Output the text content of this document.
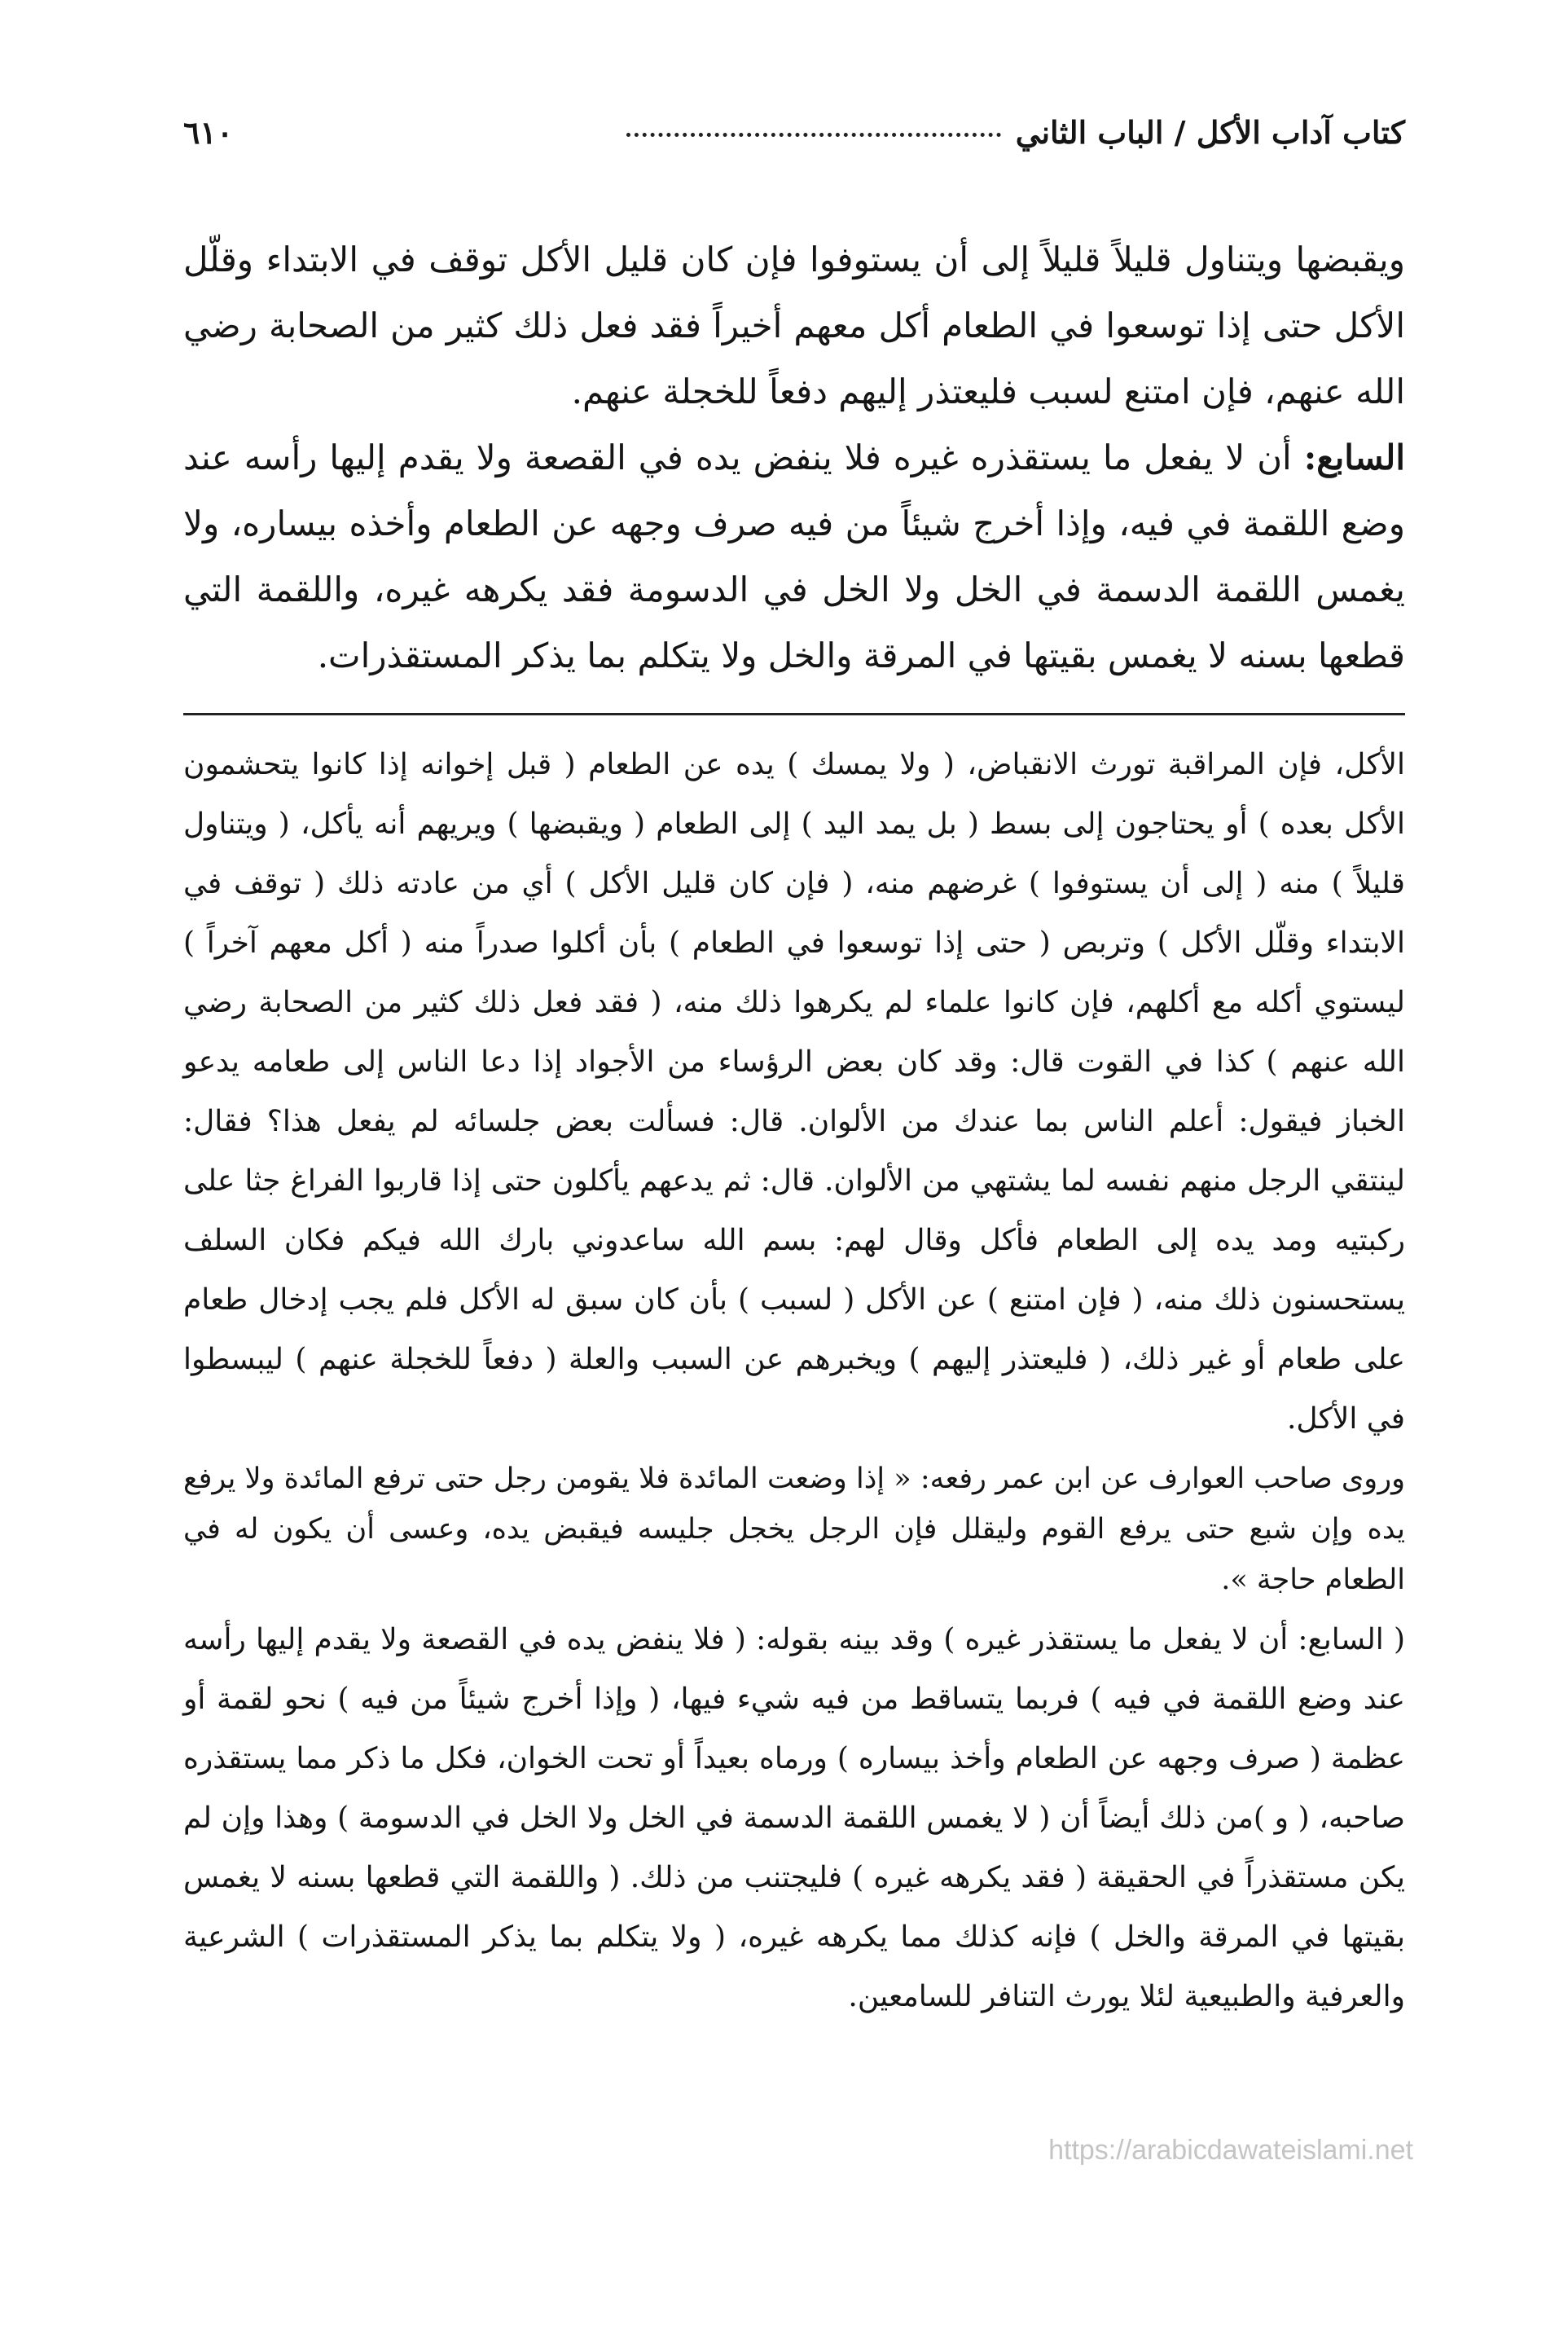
كتاب آداب الأكل / الباب الثاني
٦١٠

ويقبضها ويتناول قليلاً قليلاً إلى أن يستوفوا فإن كان قليل الأكل توقف في الابتداء وقلّل الأكل حتى إذا توسعوا في الطعام أكل معهم أخيراً فقد فعل ذلك كثير من الصحابة رضي الله عنهم، فإن امتنع لسبب فليعتذر إليهم دفعاً للخجلة عنهم.

السابع: أن لا يفعل ما يستقذره غيره فلا ينفض يده في القصعة ولا يقدم إليها رأسه عند وضع اللقمة في فيه، وإذا أخرج شيئاً من فيه صرف وجهه عن الطعام وأخذه بيساره، ولا يغمس اللقمة الدسمة في الخل ولا الخل في الدسومة فقد يكرهه غيره، واللقمة التي قطعها بسنه لا يغمس بقيتها في المرقة والخل ولا يتكلم بما يذكر المستقذرات.

الأكل، فإن المراقبة تورث الانقباض، ( ولا يمسك ) يده عن الطعام ( قبل إخوانه إذا كانوا يتحشمون الأكل بعده ) أو يحتاجون إلى بسط ( بل يمد اليد ) إلى الطعام ( ويقبضها ) ويريهم أنه يأكل، ( ويتناول قليلاً ) منه ( إلى أن يستوفوا ) غرضهم منه، ( فإن كان قليل الأكل ) أي من عادته ذلك ( توقف في الابتداء وقلّل الأكل ) وتربص ( حتى إذا توسعوا في الطعام ) بأن أكلوا صدراً منه ( أكل معهم آخراً ) ليستوي أكله مع أكلهم، فإن كانوا علماء لم يكرهوا ذلك منه، ( فقد فعل ذلك كثير من الصحابة رضي الله عنهم ) كذا في القوت قال: وقد كان بعض الرؤساء من الأجواد إذا دعا الناس إلى طعامه يدعو الخباز فيقول: أعلم الناس بما عندك من الألوان. قال: فسألت بعض جلسائه لم يفعل هذا؟ فقال: لينتقي الرجل منهم نفسه لما يشتهي من الألوان. قال: ثم يدعهم يأكلون حتى إذا قاربوا الفراغ جثا على ركبتيه ومد يده إلى الطعام فأكل وقال لهم: بسم الله ساعدوني بارك الله فيكم فكان السلف يستحسنون ذلك منه، ( فإن امتنع ) عن الأكل ( لسبب ) بأن كان سبق له الأكل فلم يجب إدخال طعام على طعام أو غير ذلك، ( فليعتذر إليهم ) ويخبرهم عن السبب والعلة ( دفعاً للخجلة عنهم ) ليبسطوا في الأكل.

وروى صاحب العوارف عن ابن عمر رفعه: « إذا وضعت المائدة فلا يقومن رجل حتى ترفع المائدة ولا يرفع يده وإن شبع حتى يرفع القوم وليقلل فإن الرجل يخجل جليسه فيقبض يده، وعسى أن يكون له في الطعام حاجة ».

( السابع: أن لا يفعل ما يستقذر غيره ) وقد بينه بقوله: ( فلا ينفض يده في القصعة ولا يقدم إليها رأسه عند وضع اللقمة في فيه ) فربما يتساقط من فيه شيء فيها، ( وإذا أخرج شيئاً من فيه ) نحو لقمة أو عظمة ( صرف وجهه عن الطعام وأخذ بيساره ) ورماه بعيداً أو تحت الخوان، فكل ما ذكر مما يستقذره صاحبه، ( و )من ذلك أيضاً أن ( لا يغمس اللقمة الدسمة في الخل ولا الخل في الدسومة ) وهذا وإن لم يكن مستقذراً في الحقيقة ( فقد يكرهه غيره ) فليجتنب من ذلك. ( واللقمة التي قطعها بسنه لا يغمس بقيتها في المرقة والخل ) فإنه كذلك مما يكرهه غيره، ( ولا يتكلم بما يذكر المستقذرات ) الشرعية والعرفية والطبيعية لئلا يورث التنافر للسامعين.

https://arabicdawateislami.net
